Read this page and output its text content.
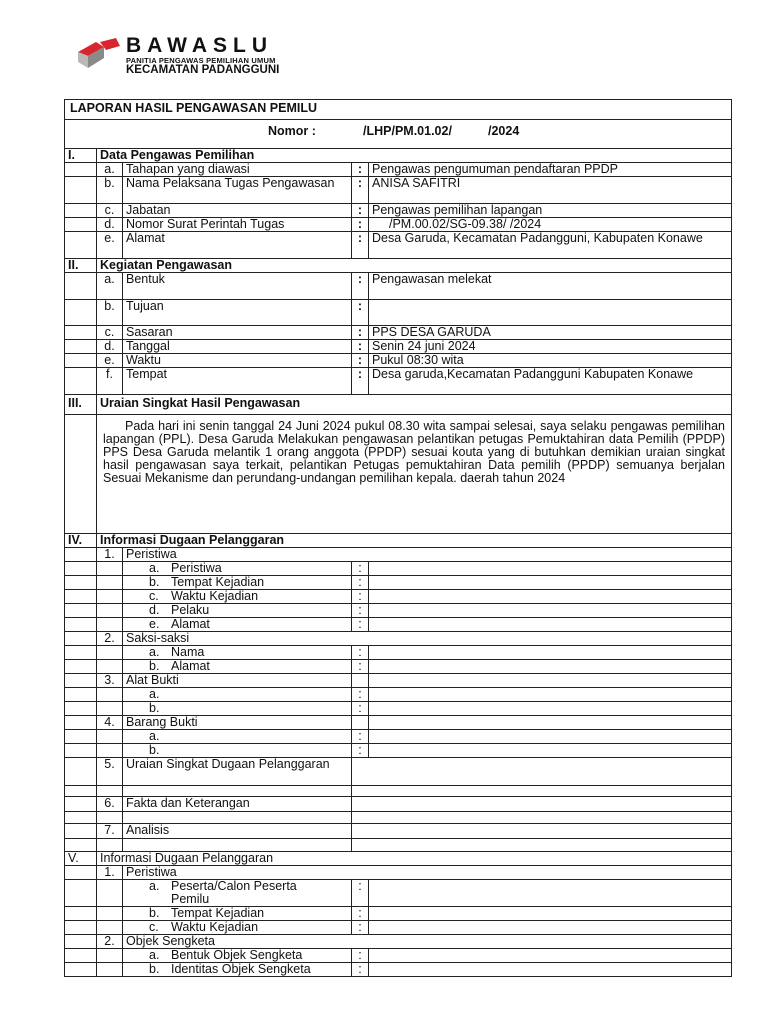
BAWASLU
PANITIA PENGAWAS PEMILIHAN UMUM
KECAMATAN PADANGGUNI
LAPORAN HASIL PENGAWASAN PEMILU				
Nomor : /LHP/PM.01.02/ /2024				
I.	Data Pengawas Pemilihan			
	a.	Tahapan yang diawasi	:	Pengawas pengumuman pendaftaran PPDP
	b.	Nama Pelaksana Tugas Pengawasan	:	ANISA SAFITRI
	c.	Jabatan	:	Pengawas pemilihan lapangan
	d.	Nomor Surat Perintah Tugas	:	/PM.00.02/SG-09.38/ /2024
	e.	Alamat	:	Desa Garuda, Kecamatan Padangguni, Kabupaten Konawe
II.	Kegiatan Pengawasan			
	a.	Bentuk	:	Pengawasan melekat
	b.	Tujuan	:	
	c.	Sasaran	:	PPS DESA GARUDA
	d.	Tanggal	:	Senin 24 juni 2024
	e.	Waktu	:	Pukul 08:30 wita
	f.	Tempat	:	Desa garuda,Kecamatan Padangguni Kabupaten Konawe
III.	Uraian Singkat Hasil Pengawasan			
	Pada hari ini senin tanggal 24 Juni 2024 pukul 08.30 wita sampai selesai, saya selaku pengawas pemilihan lapangan (PPL). Desa Garuda Melakukan pengawasan pelantikan petugas Pemuktahiran data Pemilih (PPDP) PPS Desa Garuda melantik 1 orang anggota (PPDP) sesuai kouta yang di butuhkan demikian uraian singkat hasil pengawasan saya terkait, pelantikan Petugas pemuktahiran Data pemilih (PPDP) semuanya berjalan Sesuai Mekanisme dan perundang-undangan pemilihan kepala. daerah tahun 2024			
IV.	Informasi Dugaan Pelanggaran			
	1.	Peristiwa		
		a. Peristiwa	:	
		b. Tempat Kejadian	:	
		c. Waktu Kejadian	:	
		d. Pelaku	:	
		e. Alamat	:	
	2.	Saksi-saksi		
		a. Nama	:	
		b. Alamat	:	
	3.	Alat Bukti		
		a.	:	
		b.	:	
	4.	Barang Bukti		
		a.	:	
		b.	:	
	5.	Uraian Singkat Dugaan Pelanggaran		

	6.	Fakta dan Keterangan		

	7.	Analisis		

V.	Informasi Dugaan Pelanggaran			
	1.	Peristiwa		
		a. Peserta/Calon Peserta Pemilu	:	
		b. Tempat Kejadian	:	
		c. Waktu Kejadian	:	
	2.	Objek Sengketa		
		a. Bentuk Objek Sengketa	:	
		b. Identitas Objek Sengketa	:	
